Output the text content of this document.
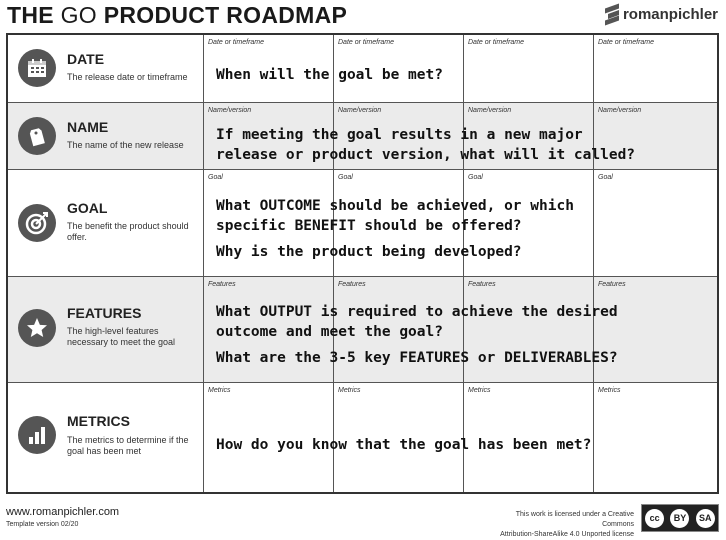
THE GO PRODUCT ROADMAP	romanpichler
DATE
The release date or timeframe
Date or timeframe	Date or timeframe	Date or timeframe	Date or timeframe
When will the goal be met?
NAME
The name of the new release
Name/version	Name/version	Name/version	Name/version
If meeting the goal results in a new major
release or product version, what will it called?
GOAL
The benefit the product should offer.
Goal	Goal	Goal	Goal
What OUTCOME should be achieved, or which
specific BENEFIT should be offered?
Why is the product being developed?
FEATURES
The high-level features necessary to meet the goal
Features	Features	Features	Features
What OUTPUT is required to achieve the desired
outcome and meet the goal?
What are the 3-5 key FEATURES or DELIVERABLES?
METRICS
The metrics to determine if the goal has been met
Metrics	Metrics	Metrics	Metrics
How do you know that the goal has been met?
www.romanpichler.com
Template version 02/20
This work is licensed under a Creative Commons
Attribution-ShareAlike 4.0 Unported license
cc	BY	SA
